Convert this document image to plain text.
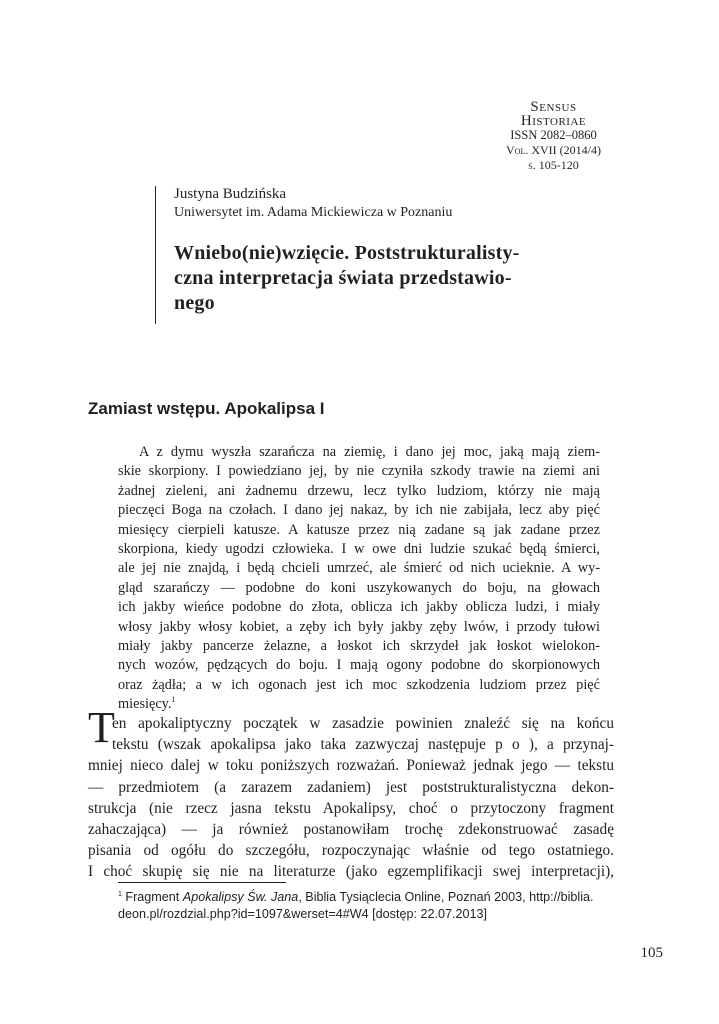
Sensus
Historiae
ISSN 2082–0860
Vol. XVII (2014/4)
s. 105-120
Justyna Budzińska
Uniwersytet im. Adama Mickiewicza w Poznaniu
Wniebo(nie)wzięcie. Poststrukturalisty-
czna interpretacja świata przedstawio-
nego
Zamiast wstępu. Apokalipsa I
A z dymu wyszła szarańcza na ziemię, i dano jej moc, jaką mają ziem-
skie skorpiony. I powiedziano jej, by nie czyniła szkody trawie na ziemi ani
żadnej zieleni, ani żadnemu drzewu, lecz tylko ludziom, którzy nie mają
pieczęci Boga na czołach. I dano jej nakaz, by ich nie zabijała, lecz aby pięć
miesięcy cierpieli katusze. A katusze przez nią zadane są jak zadane przez
skorpiona, kiedy ugodzi człowieka. I w owe dni ludzie szukać będą śmierci,
ale jej nie znajdą, i będą chcieli umrzeć, ale śmierć od nich ucieknie. A wy-
gląd szarańczy — podobne do koni uszykowanych do boju, na głowach
ich jakby wieńce podobne do złota, oblicza ich jakby oblicza ludzi, i miały
włosy jakby włosy kobiet, a zęby ich były jakby zęby lwów, i przody tułowi
miały jakby pancerze żelazne, a łoskot ich skrzydeł jak łoskot wielokon-
nych wozów, pędzących do boju. I mają ogony podobne do skorpionowych
oraz żądła; a w ich ogonach jest ich moc szkodzenia ludziom przez pięć
miesięcy.$^1$
T
en apokaliptyczny początek w zasadzie powinien znaleźć się na końcu
tekstu (wszak apokalipsa jako taka zazwyczaj następuje p o ), a przynaj-
mniej nieco dalej w toku poniższych rozważań. Ponieważ jednak jego — tekstu
— przedmiotem (a zarazem zadaniem) jest poststrukturalistyczna dekon-
strukcja (nie rzecz jasna tekstu Apokalipsy, choć o przytoczony fragment
zahaczająca) — ja również postanowiłam trochę zdekonstruować zasadę
pisania od ogółu do szczegółu, rozpoczynając właśnie od tego ostatniego.
I choć skupię się nie na literaturze (jako egzemplifikacji swej interpretacji),
$^1$ Fragment Apokalipsy Św. Jana, Biblia Tysiąclecia Online, Poznań 2003, http://biblia.
deon.pl/rozdzial.php?id=1097&werset=4#W4 [dostęp: 22.07.2013]
105
